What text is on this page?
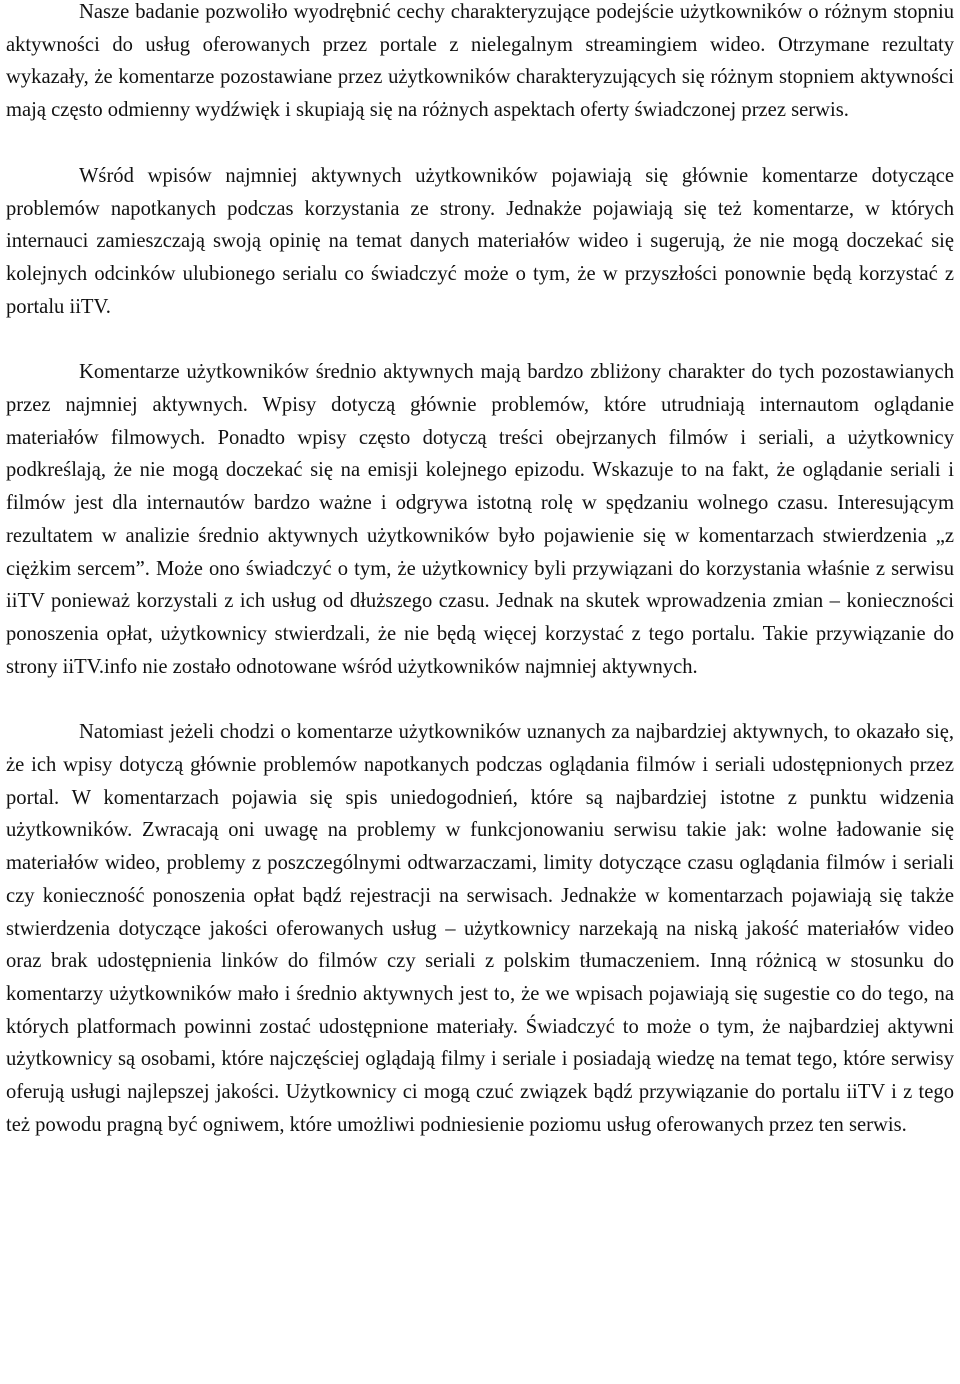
Nasze badanie pozwoliło wyodrębnić cechy charakteryzujące podejście użytkowników o różnym stopniu aktywności do usług oferowanych przez portale z nielegalnym streamingiem wideo. Otrzymane rezultaty wykazały, że komentarze pozostawiane przez użytkowników charakteryzujących się różnym stopniem aktywności mają często odmienny wydźwięk i skupiają się na różnych aspektach oferty świadczonej przez serwis.

Wśród wpisów najmniej aktywnych użytkowników pojawiają się głównie komentarze dotyczące problemów napotkanych podczas korzystania ze strony. Jednakże pojawiają się też komentarze, w których internauci zamieszczają swoją opinię na temat danych materiałów wideo i sugerują, że nie mogą doczekać się kolejnych odcinków ulubionego serialu co świadczyć może o tym, że w przyszłości ponownie będą korzystać z portalu iiTV.

Komentarze użytkowników średnio aktywnych mają bardzo zbliżony charakter do tych pozostawianych przez najmniej aktywnych. Wpisy dotyczą głównie problemów, które utrudniają internautom oglądanie materiałów filmowych. Ponadto wpisy często dotyczą treści obejrzanych filmów i seriali, a użytkownicy podkreślają, że nie mogą doczekać się na emisji kolejnego epizodu. Wskazuje to na fakt, że oglądanie seriali i filmów jest dla internautów bardzo ważne i odgrywa istotną rolę w spędzaniu wolnego czasu. Interesującym rezultatem w analizie średnio aktywnych użytkowników było pojawienie się w komentarzach stwierdzenia „z ciężkim sercem”. Może ono świadczyć o tym, że użytkownicy byli przywiązani do korzystania właśnie z serwisu iiTV ponieważ korzystali z ich usług od dłuższego czasu. Jednak na skutek wprowadzenia zmian – konieczności ponoszenia opłat, użytkownicy stwierdzali, że nie będą więcej korzystać z tego portalu. Takie przywiązanie do strony iiTV.info nie zostało odnotowane wśród użytkowników najmniej aktywnych.

Natomiast jeżeli chodzi o komentarze użytkowników uznanych za najbardziej aktywnych, to okazało się, że ich wpisy dotyczą głównie problemów napotkanych podczas oglądania filmów i seriali udostępnionych przez portal. W komentarzach pojawia się spis uniedogodnień, które są najbardziej istotne z punktu widzenia użytkowników. Zwracają oni uwagę na problemy w funkcjonowaniu serwisu takie jak: wolne ładowanie się materiałów wideo, problemy z poszczególnymi odtwarzaczami, limity dotyczące czasu oglądania filmów i seriali czy konieczność ponoszenia opłat bądź rejestracji na serwisach. Jednakże w komentarzach pojawiają się także stwierdzenia dotyczące jakości oferowanych usług – użytkownicy narzekają na niską jakość materiałów video oraz brak udostępnienia linków do filmów czy seriali z polskim tłumaczeniem. Inną różnicą w stosunku do komentarzy użytkowników mało i średnio aktywnych jest to, że we wpisach pojawiają się sugestie co do tego, na których platformach powinni zostać udostępnione materiały. Świadczyć to może o tym, że najbardziej aktywni użytkownicy są osobami, które najczęściej oglądają filmy i seriale i posiadają wiedzę na temat tego, które serwisy oferują usługi najlepszej jakości. Użytkownicy ci mogą czuć związek bądź przywiązanie do portalu iiTV i z tego też powodu pragną być ogniwem, które umożliwi podniesienie poziomu usług oferowanych przez ten serwis.
